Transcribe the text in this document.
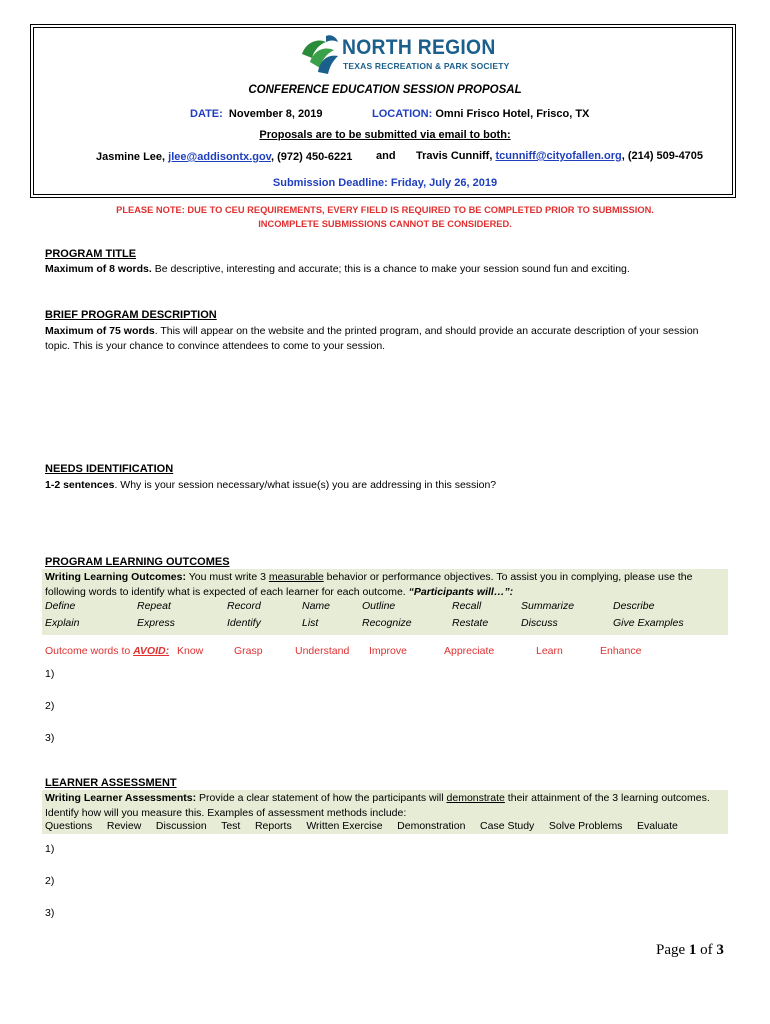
NORTH REGION
TEXAS RECREATION & PARK SOCIETY
CONFERENCE EDUCATION SESSION PROPOSAL
DATE: November 8, 2019	LOCATION: Omni Frisco Hotel, Frisco, TX
Proposals are to be submitted via email to both:
Jasmine Lee, jlee@addisontx.gov, (972) 450-6221 and Travis Cunniff, tcunniff@cityofallen.org, (214) 509-4705
Submission Deadline: Friday, July 26, 2019
PLEASE NOTE: DUE TO CEU REQUIREMENTS, EVERY FIELD IS REQUIRED TO BE COMPLETED PRIOR TO SUBMISSION.
INCOMPLETE SUBMISSIONS CANNOT BE CONSIDERED.
PROGRAM TITLE
Maximum of 8 words. Be descriptive, interesting and accurate; this is a chance to make your session sound fun and exciting.
BRIEF PROGRAM DESCRIPTION
Maximum of 75 words. This will appear on the website and the printed program, and should provide an accurate description of your session topic. This is your chance to convince attendees to come to your session.
NEEDS IDENTIFICATION
1-2 sentences. Why is your session necessary/what issue(s) you are addressing in this session?
PROGRAM LEARNING OUTCOMES
Writing Learning Outcomes: You must write 3 measurable behavior or performance objectives. To assist you in complying, please use the following words to identify what is expected of each learner for each outcome. “Participants will…”:
Define	Repeat	Record	Name	Outline	Recall	Summarize	Describe
Explain	Express	Identify	List	Recognize	Restate	Discuss	Give Examples
Outcome words to AVOID: Know	Grasp	Understand Improve	Appreciate	Learn	Enhance
1)
2)
3)
LEARNER ASSESSMENT
Writing Learner Assessments: Provide a clear statement of how the participants will demonstrate their attainment of the 3 learning outcomes. Identify how will you measure this. Examples of assessment methods include:
Questions Review Discussion Test Reports Written Exercise Demonstration Case Study Solve Problems Evaluate
1)
2)
3)
Page 1 of 3
